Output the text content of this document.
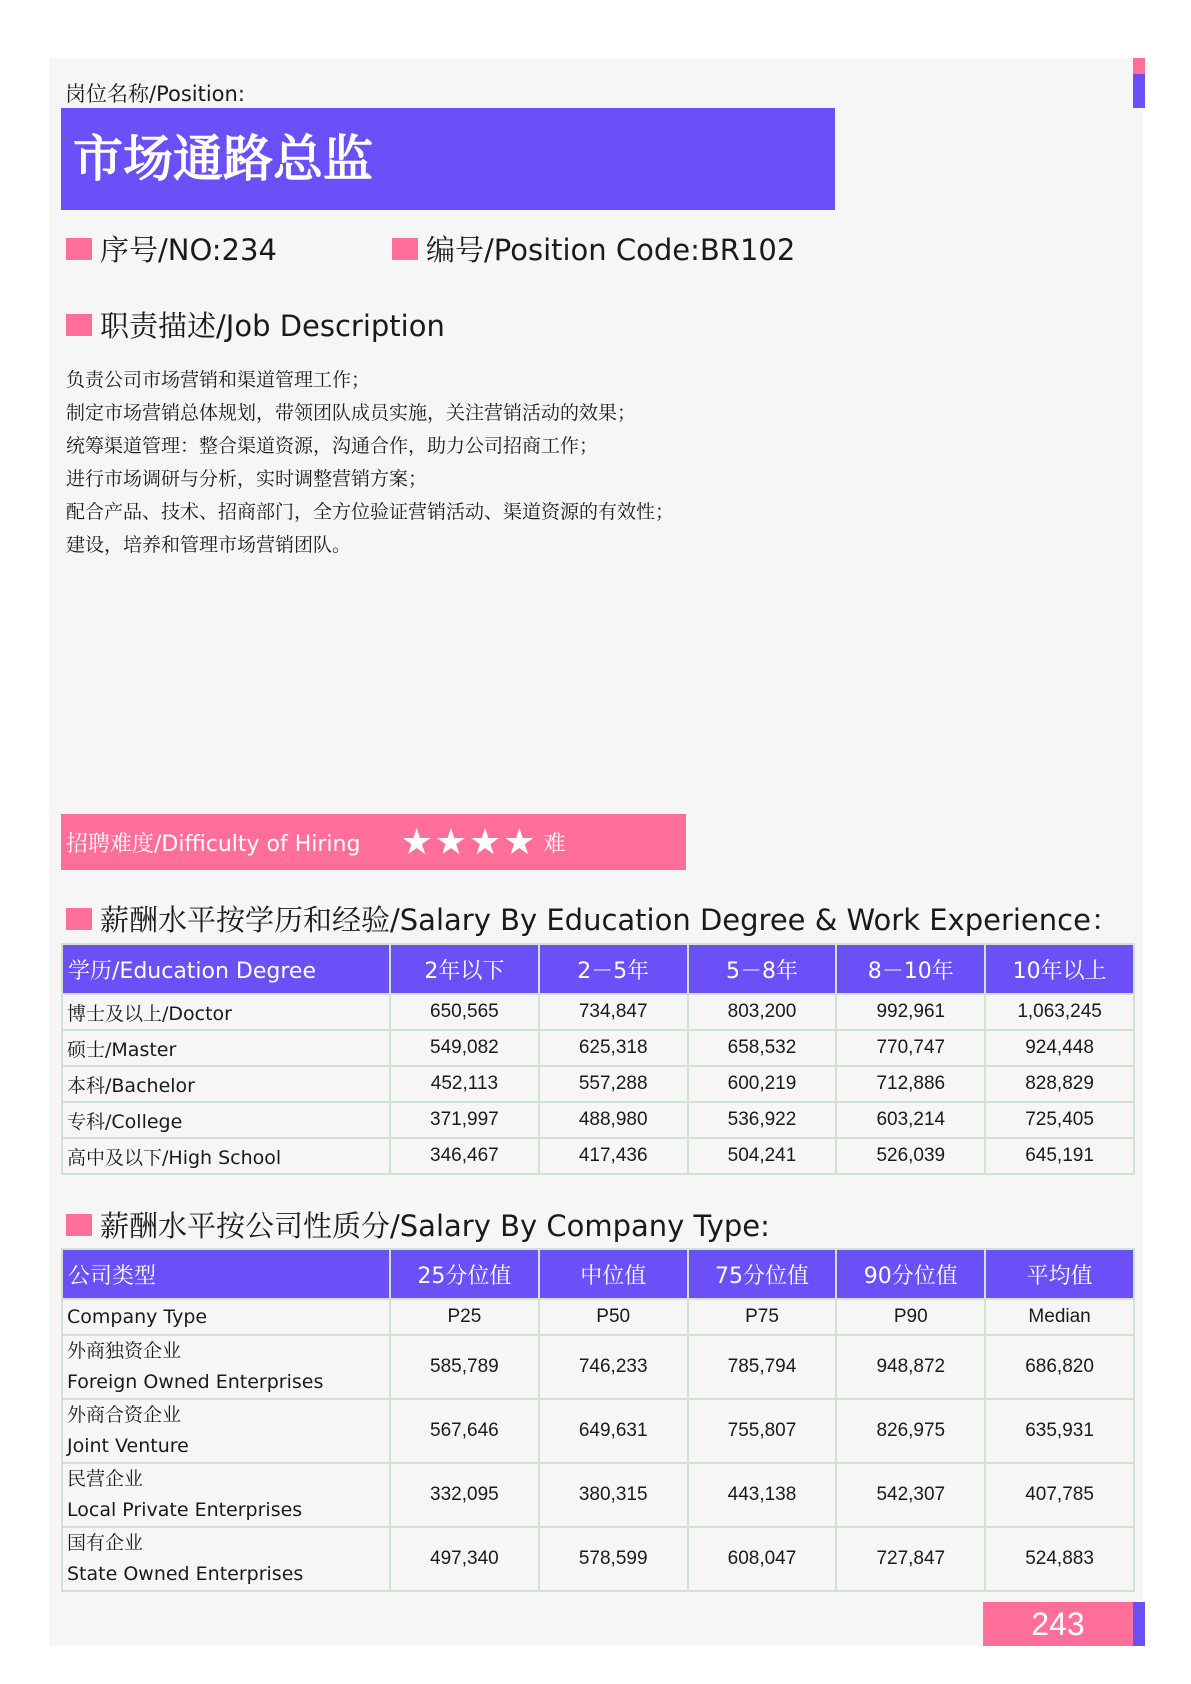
岗位名称/Position:
市场通路总监
序号/NO:234	编号/Position Code:BR102
职责描述/Job Description
负责公司市场营销和渠道管理工作；
制定市场营销总体规划，带领团队成员实施，关注营销活动的效果；
统筹渠道管理：整合渠道资源，沟通合作，助力公司招商工作；
进行市场调研与分析，实时调整营销方案；
配合产品、技术、招商部门，全方位验证营销活动、渠道资源的有效性；
建设，培养和管理市场营销团队。
招聘难度/Difficulty of Hiring ★★★★ 难
薪酬水平按学历和经验/Salary By Education Degree & Work Experience：
学历/Education Degree	2年以下	2－5年	5－8年	8－10年	10年以上
博士及以上/Doctor	650,565	734,847	803,200	992,961	1,063,245
硕士/Master	549,082	625,318	658,532	770,747	924,448
本科/Bachelor	452,113	557,288	600,219	712,886	828,829
专科/College	371,997	488,980	536,922	603,214	725,405
高中及以下/High School	346,467	417,436	504,241	526,039	645,191
薪酬水平按公司性质分/Salary By Company Type:
公司类型	25分位值	中位值	75分位值	90分位值	平均值
Company Type	P25	P50	P75	P90	Median

外商独资企业
Foreign Owned Enterprises	585,789	746,233	785,794	948,872	686,820

外商合资企业
Joint Venture	567,646	649,631	755,807	826,975	635,931

民营企业
Local Private Enterprises	332,095	380,315	443,138	542,307	407,785

国有企业
State Owned Enterprises	497,340	578,599	608,047	727,847	524,883
243
